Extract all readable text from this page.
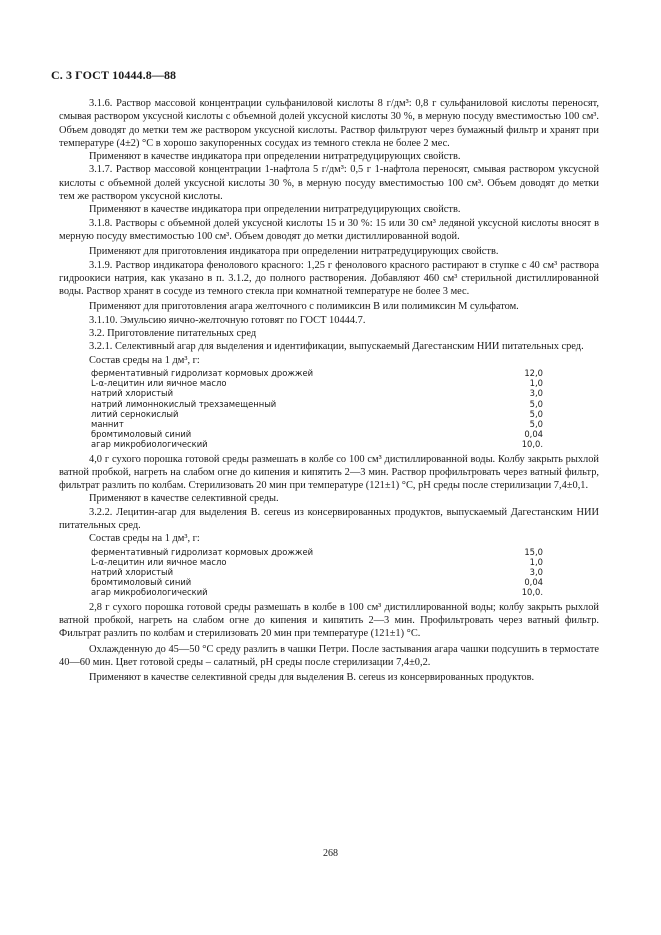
С. 3 ГОСТ 10444.8—88

3.1.6. Раствор массовой концентрации сульфаниловой кислоты 8 г/дм³: 0,8 г сульфаниловой кислоты переносят, смывая раствором уксусной кислоты с объемной долей уксусной кислоты 30 %, в мерную посуду вместимостью 100 см³. Объем доводят до метки тем же раствором уксусной кислоты. Раствор фильтруют через бумажный фильтр и хранят при температуре (4±2) °С в хорошо закупоренных сосудах из темного стекла не более 2 мес.

Применяют в качестве индикатора при определении нитратредуцирующих свойств.

3.1.7. Раствор массовой концентрации 1-нафтола 5 г/дм³: 0,5 г 1-нафтола переносят, смывая раствором уксусной кислоты с объемной долей уксусной кислоты 30 %, в мерную посуду вместимостью 100 см³. Объем доводят до метки тем же раствором уксусной кислоты.

Применяют в качестве индикатора при определении нитратредуцирующих свойств.

3.1.8. Растворы с объемной долей уксусной кислоты 15 и 30 %: 15 или 30 см³ ледяной уксусной кислоты вносят в мерную посуду вместимостью 100 см³. Объем доводят до метки дистиллированной водой.

Применяют для приготовления индикатора при определении нитратредуцирующих свойств.

3.1.9. Раствор индикатора фенолового красного: 1,25 г фенолового красного растирают в ступке с 40 см³ раствора гидроокиси натрия, как указано в п. 3.1.2, до полного растворения. Добавляют 460 см³ стерильной дистиллированной воды. Раствор хранят в сосуде из темного стекла при комнатной температуре не более 3 мес.

Применяют для приготовления агара желточного с полимиксин В или полимиксин М сульфатом.

3.1.10. Эмульсию яично-желточную готовят по ГОСТ 10444.7.

3.2. Приготовление питательных сред

3.2.1. Селективный агар для выделения и идентификации, выпускаемый Дагестанским НИИ питательных сред.

Состав среды на 1 дм³, г:

ферментативный гидролизат кормовых дрожжей	12,0
L-α-лецитин или яичное масло	1,0
натрий хлористый	3,0
натрий лимоннокислый трехзамещенный	5,0
литий сернокислый	5,0
маннит	5,0
бромтимоловый синий	0,04
агар микробиологический	10,0.

4,0 г сухого порошка готовой среды размешать в колбе со 100 см³ дистиллированной воды. Колбу закрыть рыхлой ватной пробкой, нагреть на слабом огне до кипения и кипятить 2—3 мин. Раствор профильтровать через ватный фильтр, фильтрат разлить по колбам. Стерилизовать 20 мин при температуре (121±1) °С, рН среды после стерилизации 7,4±0,1.

Применяют в качестве селективной среды.

3.2.2. Лецитин-агар для выделения В. cereus из консервированных продуктов, выпускаемый Дагестанским НИИ питательных сред.

Состав среды на 1 дм³, г:

ферментативный гидролизат кормовых дрожжей	15,0
L-α-лецитин или яичное масло	1,0
натрий хлористый	3,0
бромтимоловый синий	0,04
агар микробиологический	10,0.

2,8 г сухого порошка готовой среды размешать в колбе в 100 см³ дистиллированной воды; колбу закрыть рыхлой ватной пробкой, нагреть на слабом огне до кипения и кипятить 2—3 мин. Профильтровать через ватный фильтр. Фильтрат разлить по колбам и стерилизовать 20 мин при температуре (121±1) °С.

Охлажденную до 45—50 °С среду разлить в чашки Петри. После застывания агара чашки подсушить в термостате 40—60 мин. Цвет готовой среды – салатный, рН среды после стерилизации 7,4±0,2.

Применяют в качестве селективной среды для выделения В. cereus из консервированных продуктов.

268
